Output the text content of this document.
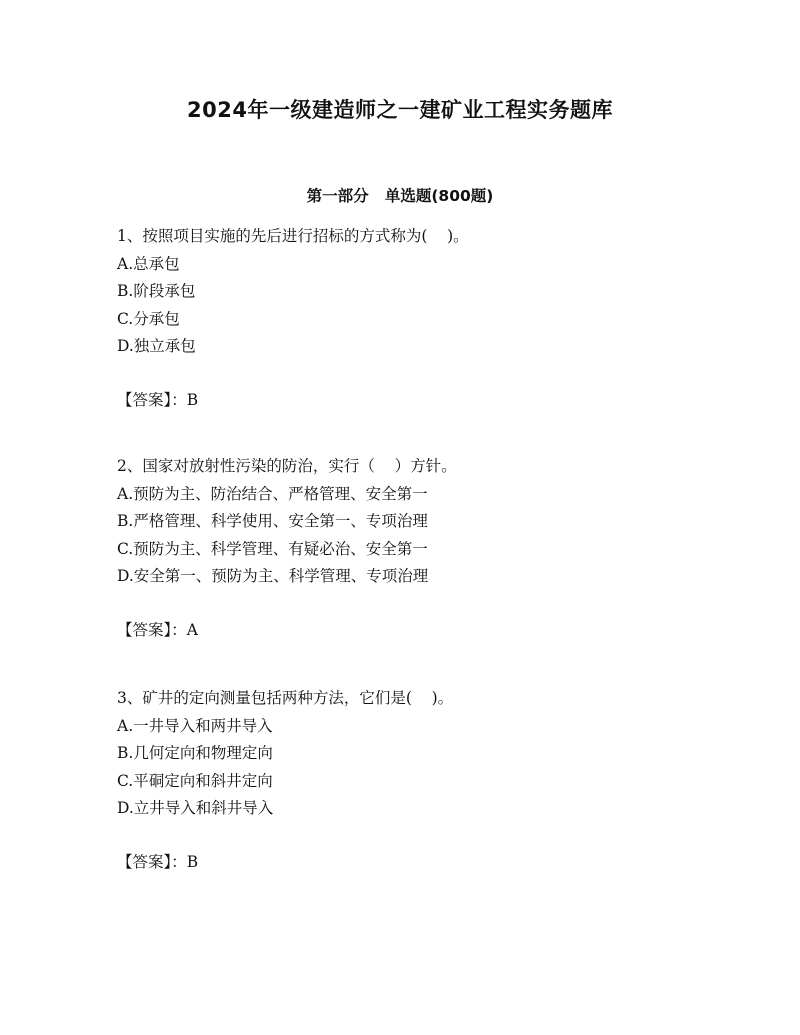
2024年一级建造师之一建矿业工程实务题库
第一部分   单选题(800题)
1、按照项目实施的先后进行招标的方式称为(    )。
A.总承包
B.阶段承包
C.分承包
D.独立承包
【答案】：B
2、国家对放射性污染的防治，实行（    ）方针。
A.预防为主、防治结合、严格管理、安全第一
B.严格管理、科学使用、安全第一、专项治理
C.预防为主、科学管理、有疑必治、安全第一
D.安全第一、预防为主、科学管理、专项治理
【答案】：A
3、矿井的定向测量包括两种方法，它们是(    )。
A.一井导入和两井导入
B.几何定向和物理定向
C.平硐定向和斜井定向
D.立井导入和斜井导入
【答案】：B
